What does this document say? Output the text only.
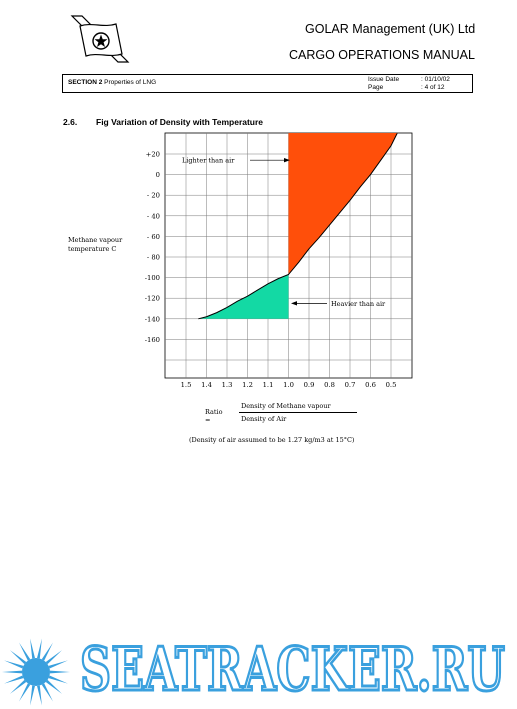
GOLAR Management (UK) Ltd
CARGO OPERATIONS MANUAL
SECTION 2 Properties of LNG	Issue Date	: 01/10/02
Page	: 4 of 12
2.6. Fig Variation of Density with Temperature
Methane vapour
temperature C
+20
0
- 20
- 40
- 60
- 80
-100
-120
-140
-160
1.5 1.4 1.3 1.2 1.1 1.0 0.9 0.8 0.7 0.6 0.5
Lighter than air
Heavier than air
Ratio =
Density of Methane vapour
Density of Air
(Density of air assumed to be 1.27 kg/m3 at 15°C)
SEATRACKER.RU
